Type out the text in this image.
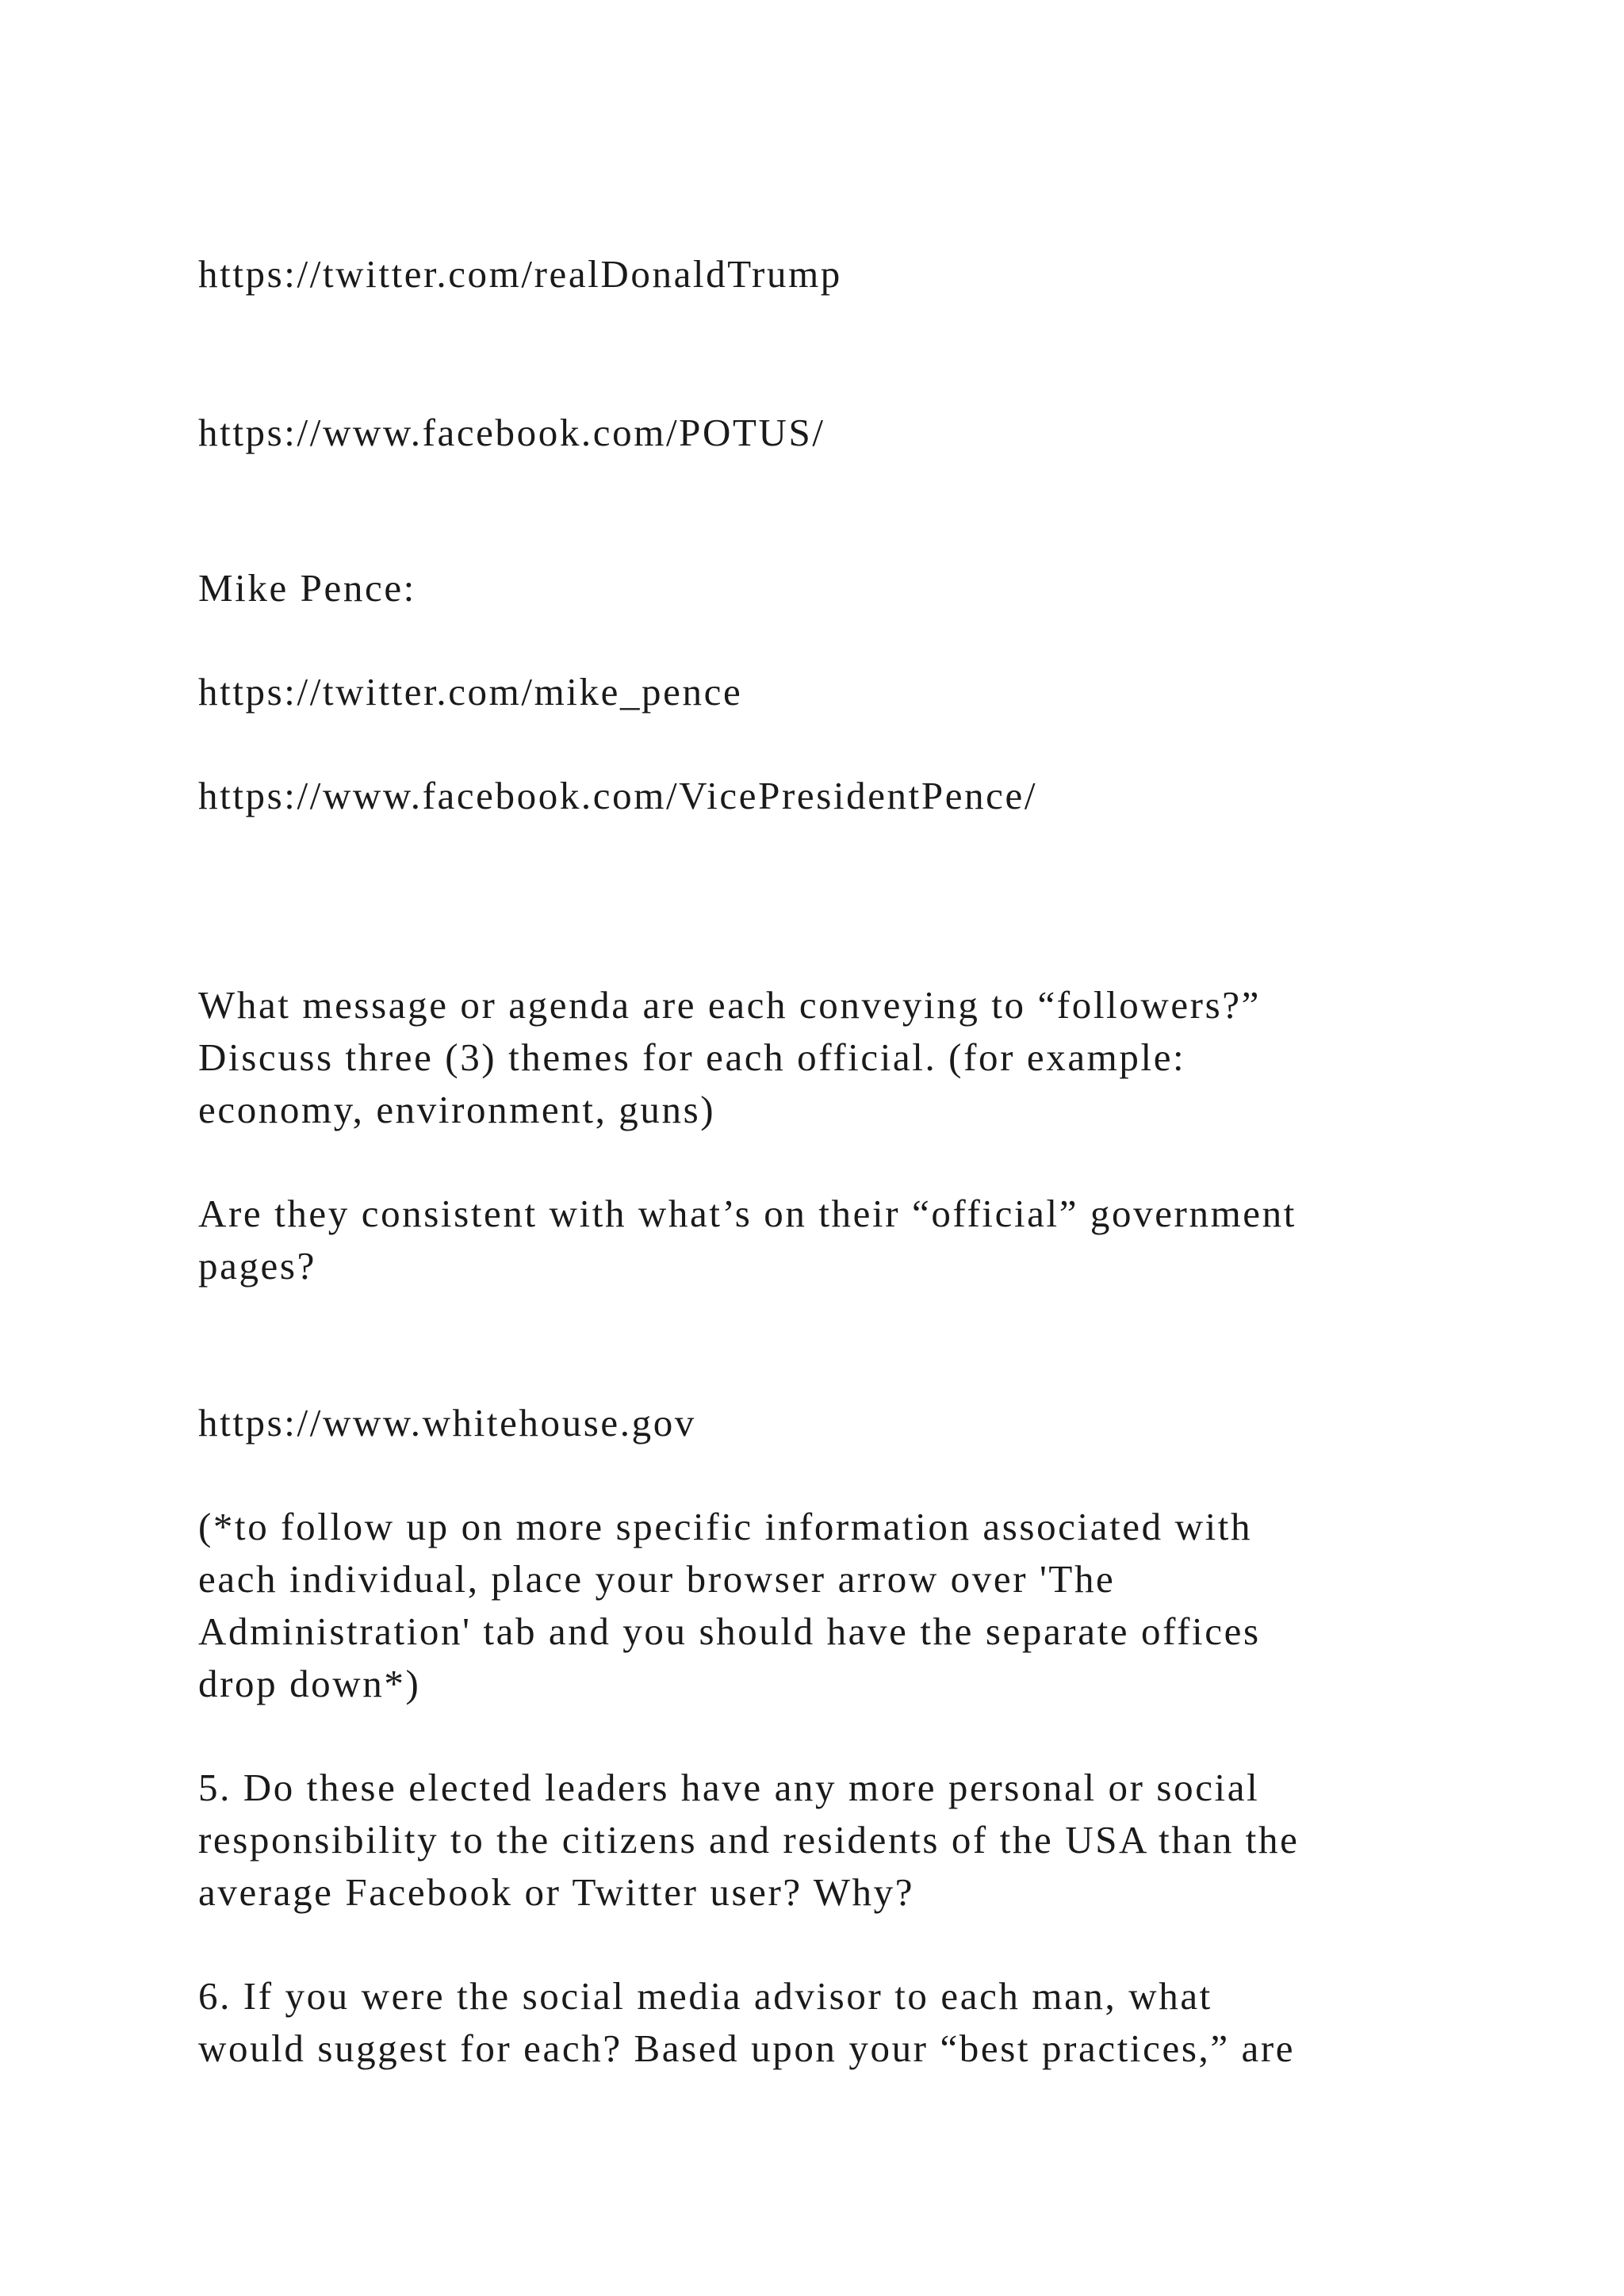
https://twitter.com/realDonaldTrump

https://www.facebook.com/POTUS/

Mike Pence:

https://twitter.com/mike_pence

https://www.facebook.com/VicePresidentPence/

What message or agenda are each conveying to “followers?”

Discuss three (3) themes for each official. (for example:

economy, environment, guns)

Are they consistent with what’s on their “official” government

pages?

https://www.whitehouse.gov

(*to follow up on more specific information associated with

each individual, place your browser arrow over 'The

Administration' tab and you should have the separate offices

drop down*)

5. Do these elected leaders have any more personal or social

responsibility to the citizens and residents of the USA than the

average Facebook or Twitter user? Why?

6. If you were the social media advisor to each man, what

would suggest for each? Based upon your “best practices,” are
